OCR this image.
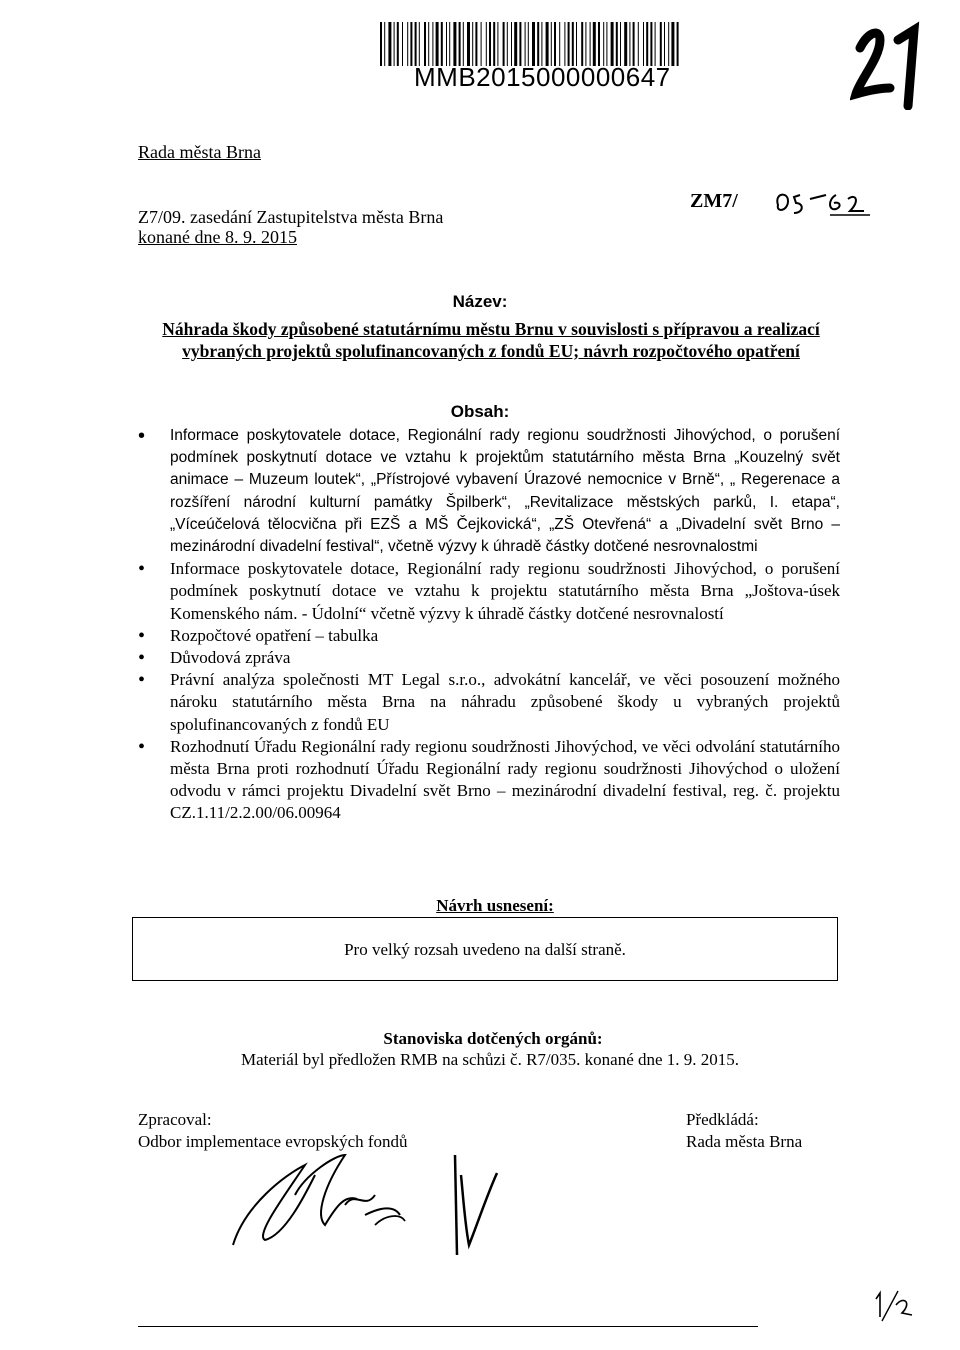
MMB2015000000647
Rada města Brna
Z7/09. zasedání Zastupitelstva města Brna
konané dne 8. 9. 2015
ZM7/
Název:
Náhrada škody způsobené statutárnímu městu Brnu v souvislosti s přípravou a realizací vybraných projektů spolufinancovaných z fondů EU; návrh rozpočtového opatření
Obsah:
• Informace poskytovatele dotace, Regionální rady regionu soudržnosti Jihovýchod, o porušení podmínek poskytnutí dotace ve vztahu k projektům statutárního města Brna „Kouzelný svět animace – Muzeum loutek“, „Přístrojové vybavení Úrazové nemocnice v Brně“, „ Regerenace a rozšíření národní kulturní památky Špilberk“, „Revitalizace městských parků, I. etapa“, „Víceúčelová tělocvična při EZŠ a MŠ Čejkovická“, „ZŠ Otevřená“ a „Divadelní svět Brno – mezinárodní divadelní festival“, včetně výzvy k úhradě částky dotčené nesrovnalostmi
• Informace poskytovatele dotace, Regionální rady regionu soudržnosti Jihovýchod, o porušení podmínek poskytnutí dotace ve vztahu k projektu statutárního města Brna „Joštova-úsek Komenského nám. - Údolní“ včetně výzvy k úhradě částky dotčené nesrovnalostí
• Rozpočtové opatření – tabulka
• Důvodová zpráva
• Právní analýza společnosti MT Legal s.r.o., advokátní kancelář, ve věci posouzení možného nároku statutárního města Brna na náhradu způsobené škody u vybraných projektů spolufinancovaných z fondů EU
• Rozhodnutí Úřadu Regionální rady regionu soudržnosti Jihovýchod, ve věci odvolání statutárního města Brna proti rozhodnutí Úřadu Regionální rady regionu soudržnosti Jihovýchod o uložení odvodu v rámci projektu Divadelní svět Brno – mezinárodní divadelní festival, reg. č. projektu CZ.1.11/2.2.00/06.00964
Návrh usnesení:
Pro velký rozsah uvedeno na další straně.
Stanoviska dotčených orgánů:
Materiál byl předložen RMB na schůzi č. R7/035. konané dne 1. 9. 2015.
Zpracoval:
Odbor implementace evropských fondů
Předkládá:
Rada města Brna
